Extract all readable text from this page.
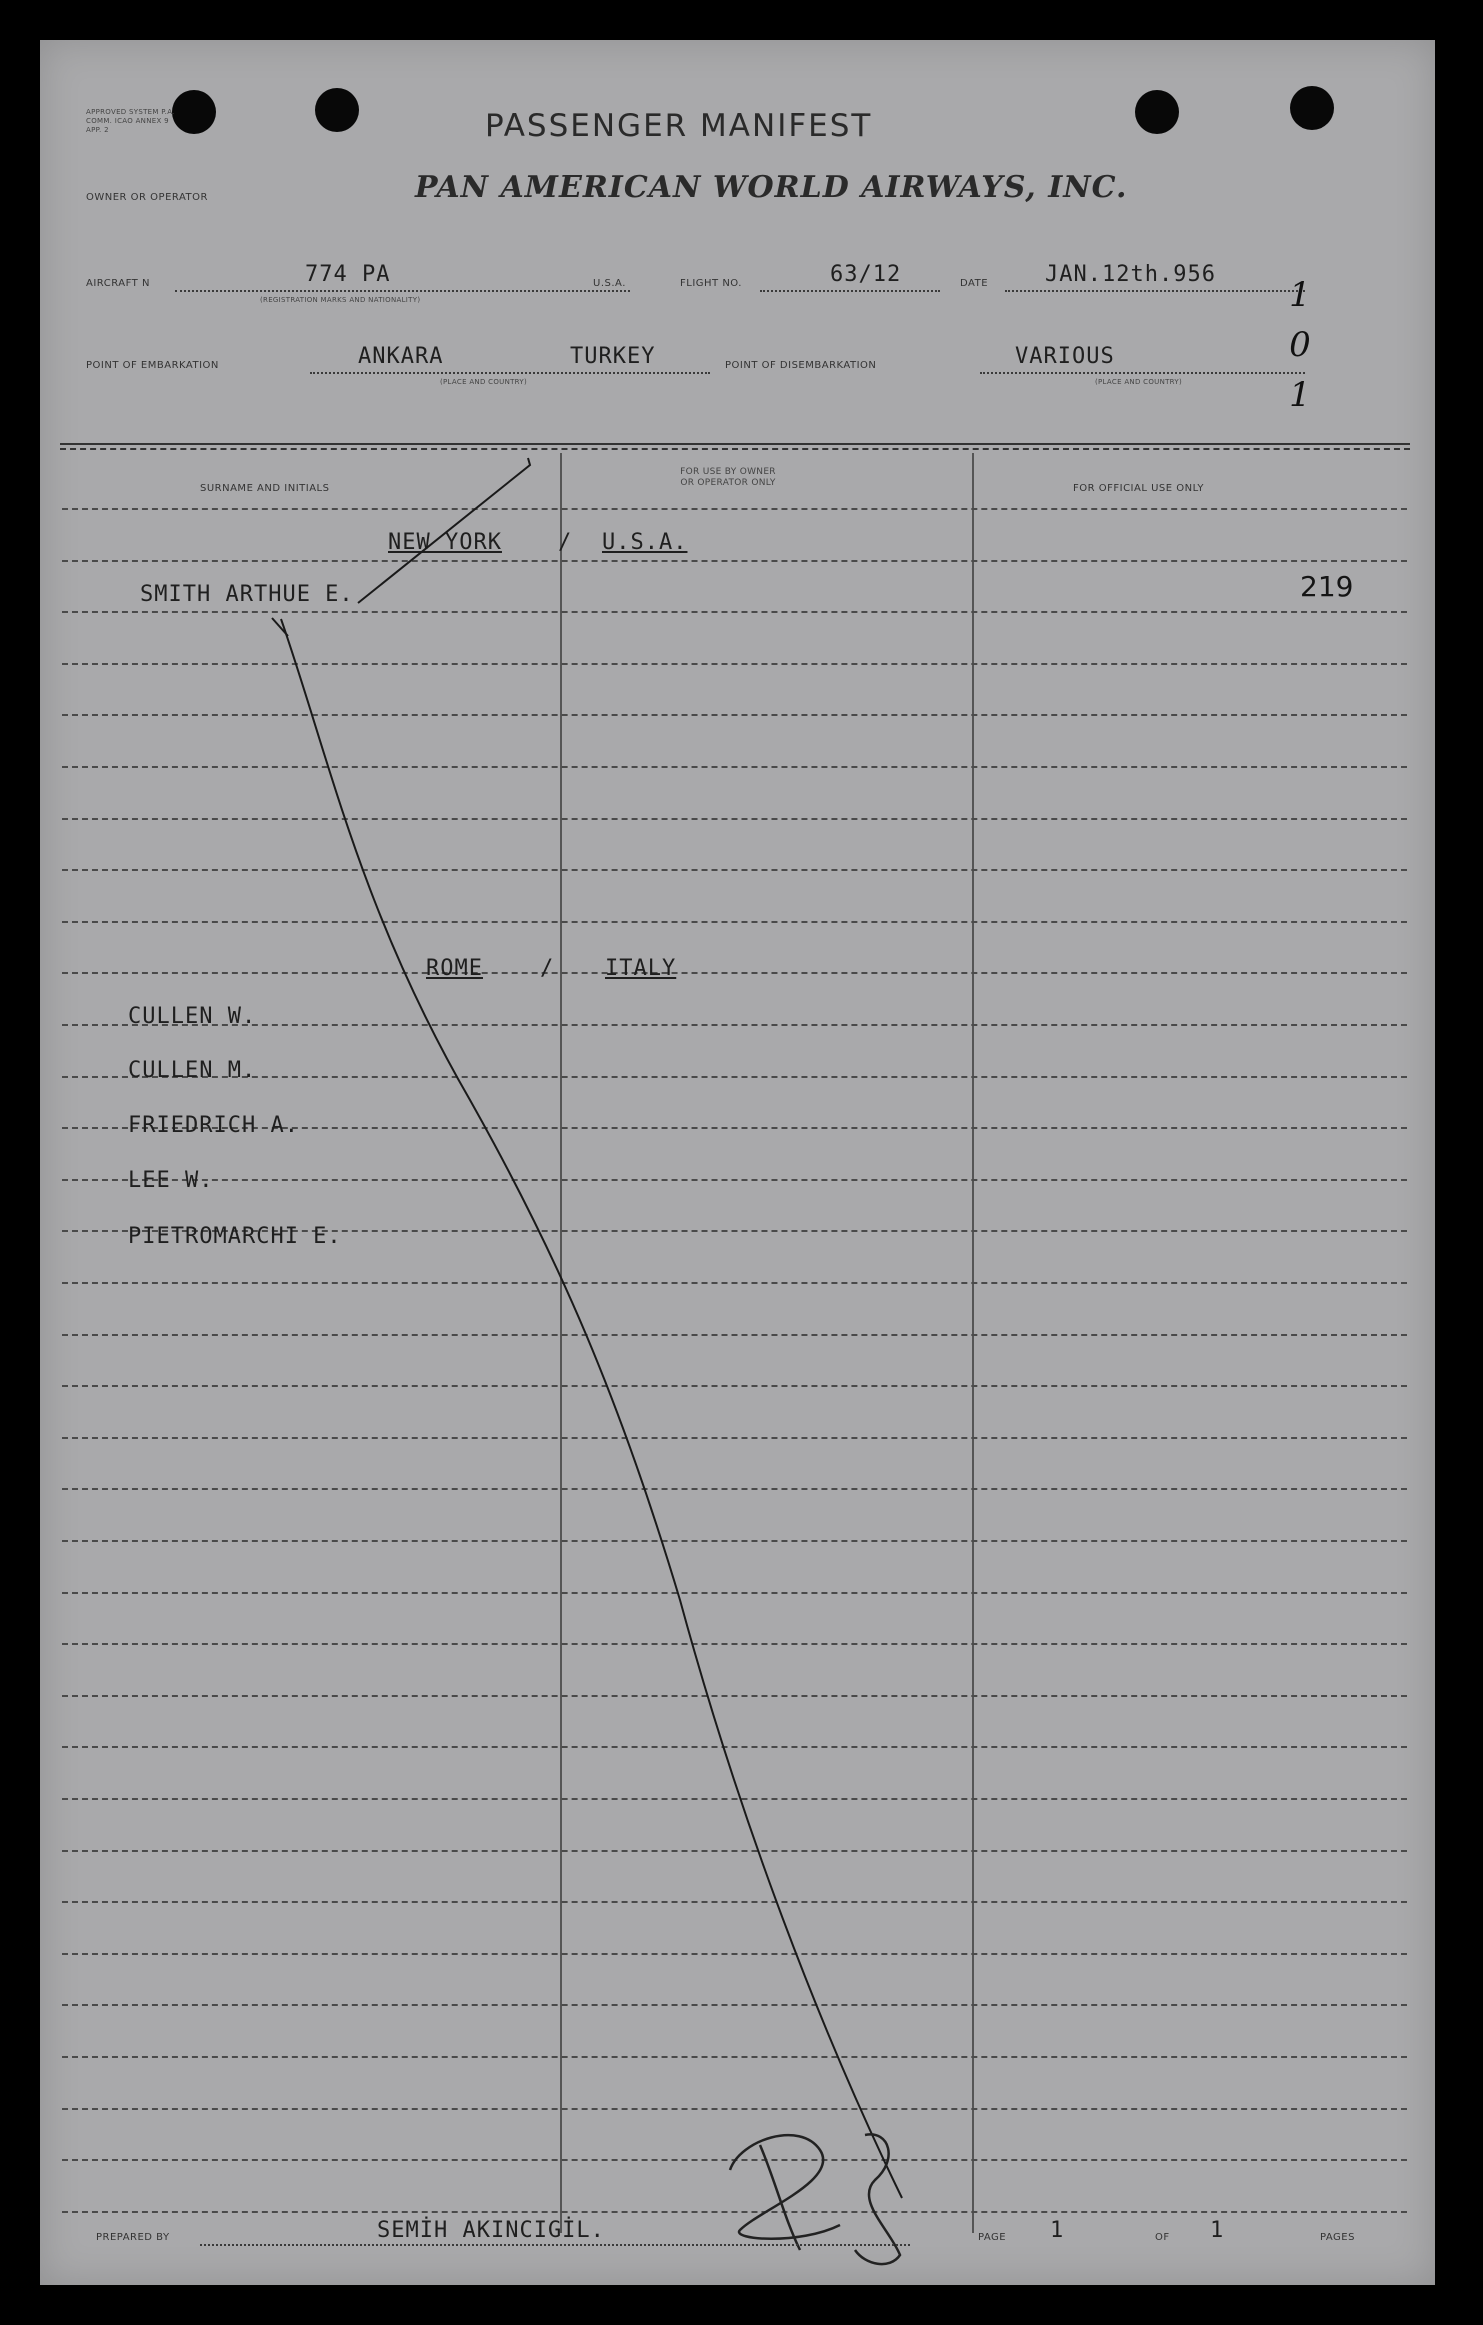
APPROVED SYSTEM P.A. COMM. ICAO ANNEX 9 APP. 2	PASSENGER MANIFEST
OWNER OR OPERATOR	PAN AMERICAN WORLD AIRWAYS, INC.
AIRCRAFT N	774 PA
(REGISTRATION MARKS AND NATIONALITY)
U.S.A.	FLIGHT NO.	63/12	DATE	JAN.12th.956
POINT OF EMBARKATION	ANKARA	TURKEY
(PLACE AND COUNTRY)
POINT OF DISEMBARKATION	VARIOUS
(PLACE AND COUNTRY)
1 0 1
SURNAME AND INITIALS
FOR USE BY OWNER OR OPERATOR ONLY	FOR OFFICIAL USE ONLY
NEW YORK	/ U.S.A.
SMITH ARTHUE E.	219
ROME	/ ITALY
CULLEN W.
CULLEN M.
FRIEDRICH A.
LEE W.
PIETROMARCHI E.
PREPARED BY	SEMİH AKINCIGİL.	PAGE 1	OF 1	PAGES
